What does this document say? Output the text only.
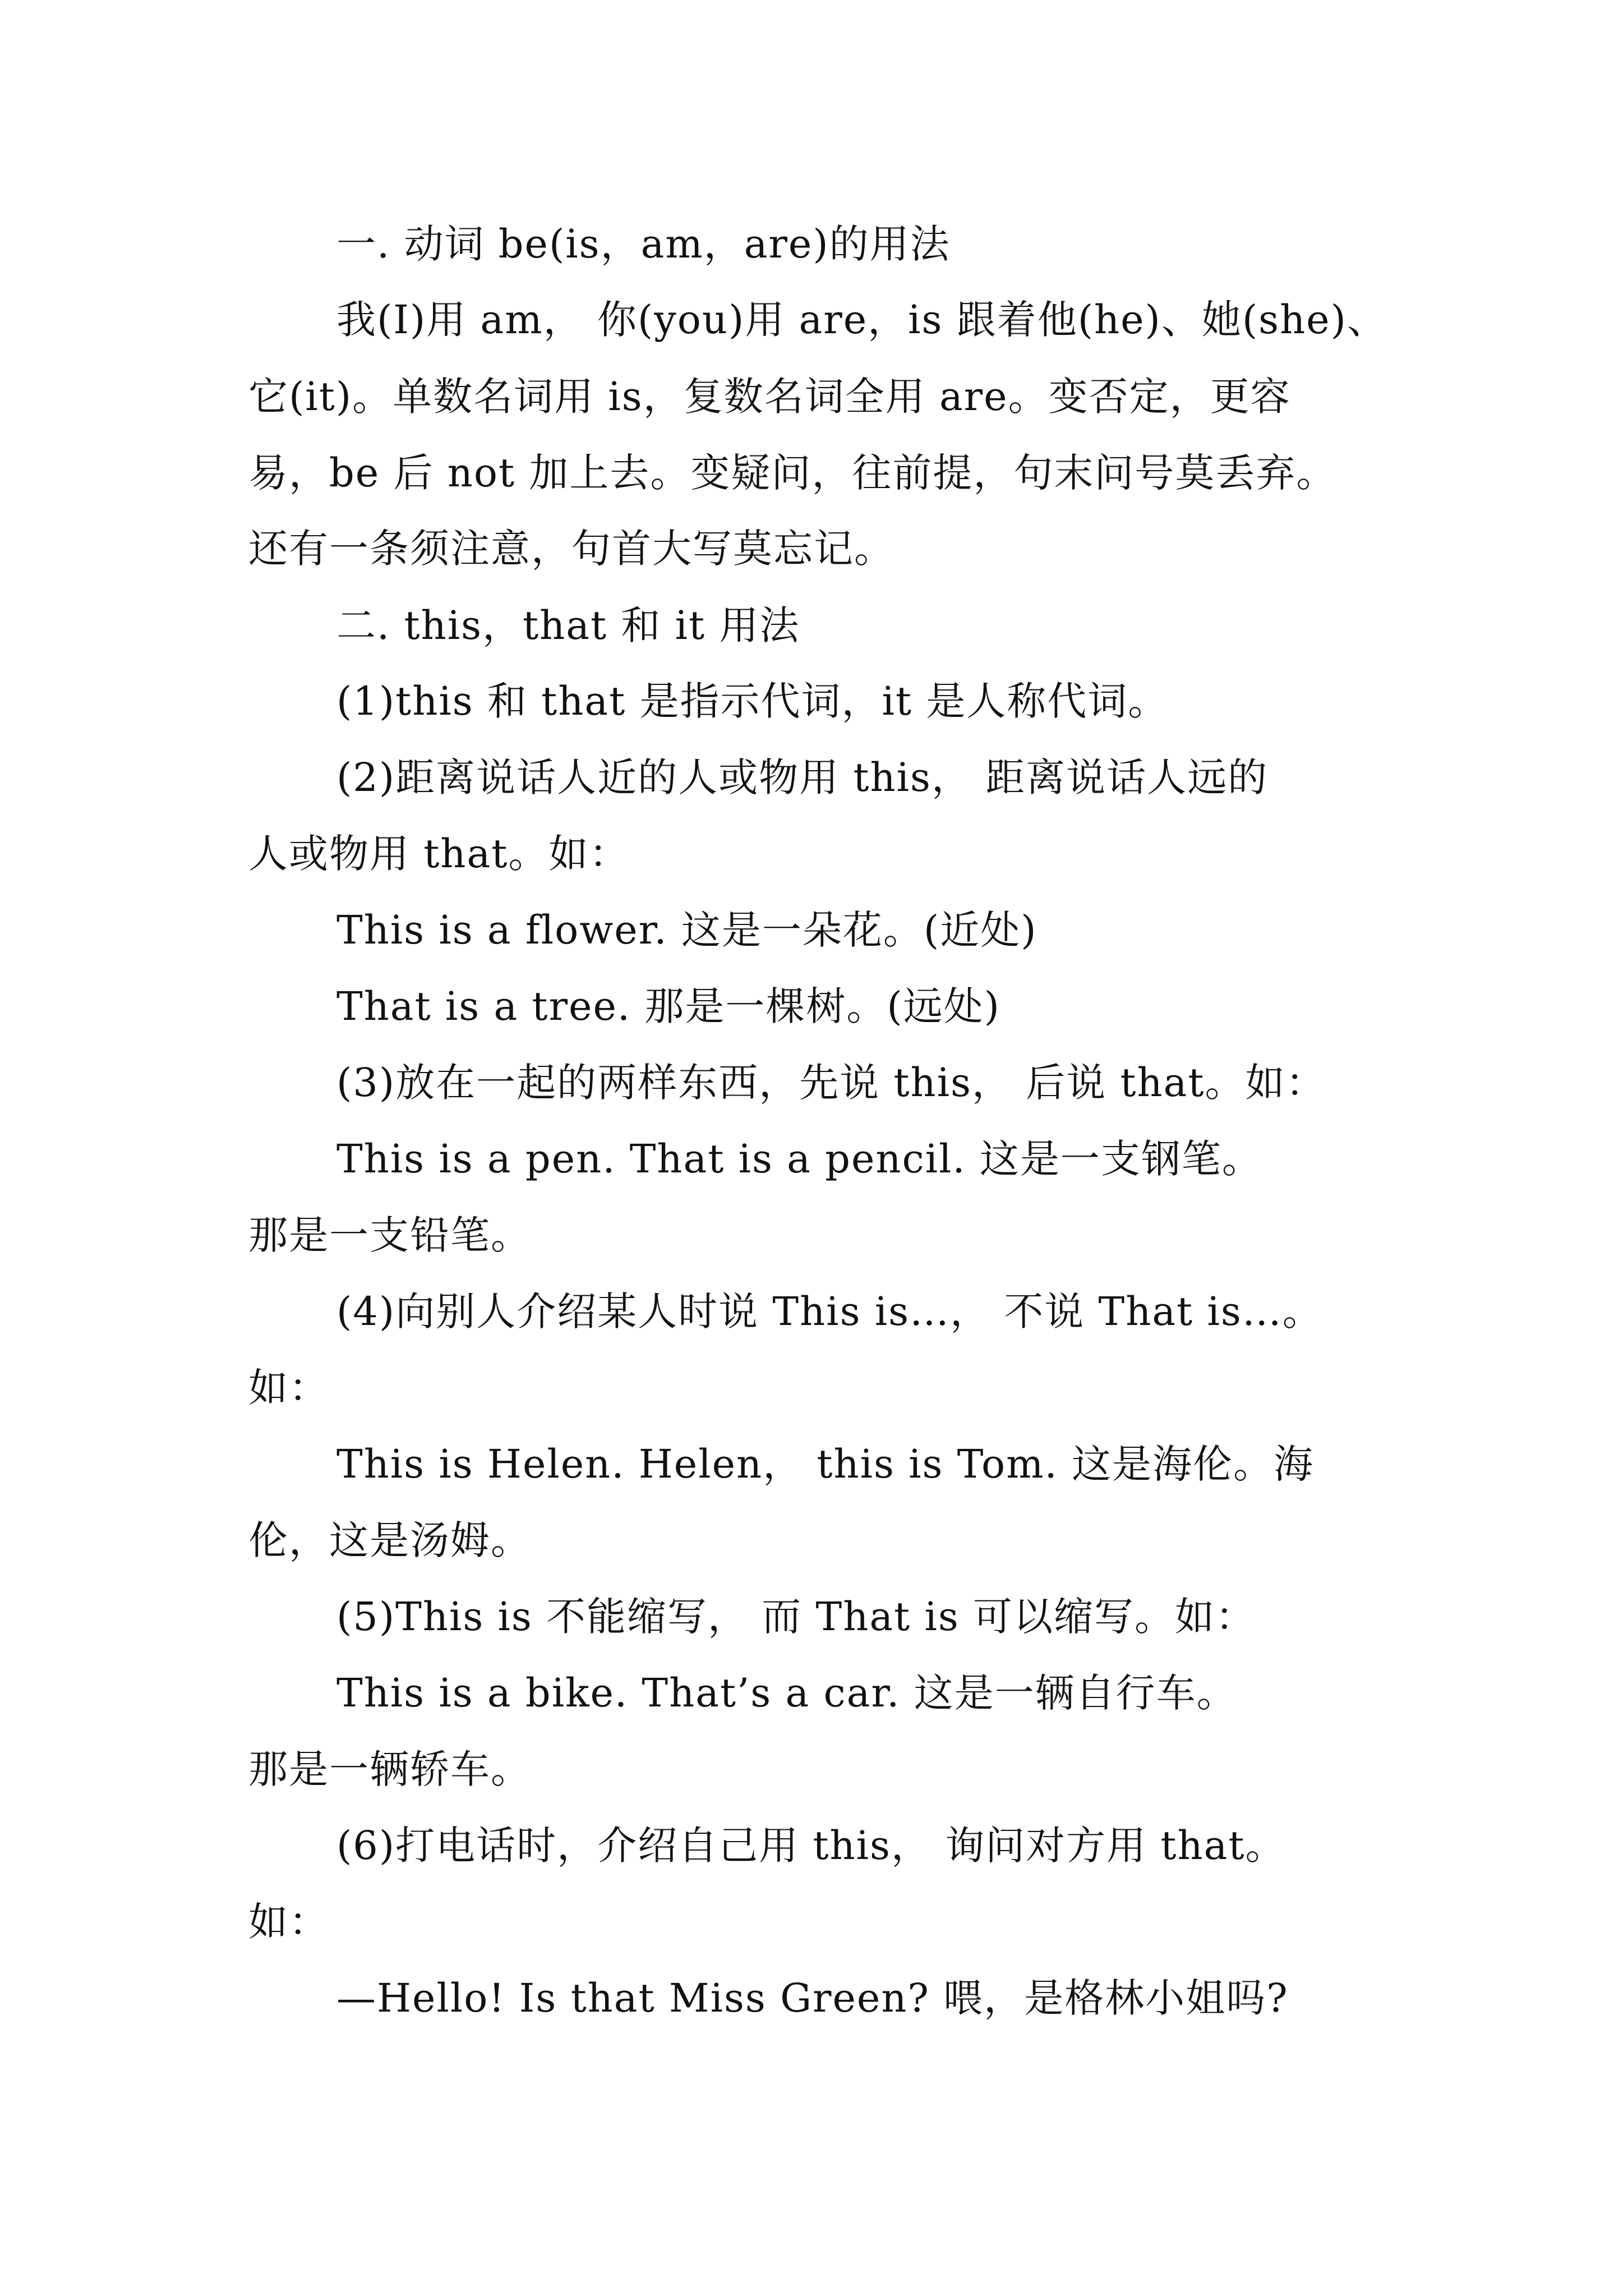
一. 动词 be(is，am，are)的用法
我(I)用 am， 你(you)用 are，is 跟着他(he)、她(she)、
它(it)。单数名词用 is，复数名词全用 are。变否定，更容
易，be 后 not 加上去。变疑问，往前提，句末问号莫丢弃。
还有一条须注意，句首大写莫忘记。
二. this，that 和 it 用法
(1)this 和 that 是指示代词，it 是人称代词。
(2)距离说话人近的人或物用 this， 距离说话人远的
人或物用 that。如：
This is a flower. 这是一朵花。(近处)
That is a tree. 那是一棵树。(远处)
(3)放在一起的两样东西，先说 this， 后说 that。如：
This is a pen. That is a pencil. 这是一支钢笔。
那是一支铅笔。
(4)向别人介绍某人时说 This is…， 不说 That is…。
如：
This is Helen. Helen， this is Tom. 这是海伦。海
伦，这是汤姆。
(5)This is 不能缩写， 而 That is 可以缩写。如：
This is a bike. That’s a car. 这是一辆自行车。
那是一辆轿车。
(6)打电话时，介绍自己用 this， 询问对方用 that。
如：
—Hello! Is that Miss Green? 喂，是格林小姐吗?
